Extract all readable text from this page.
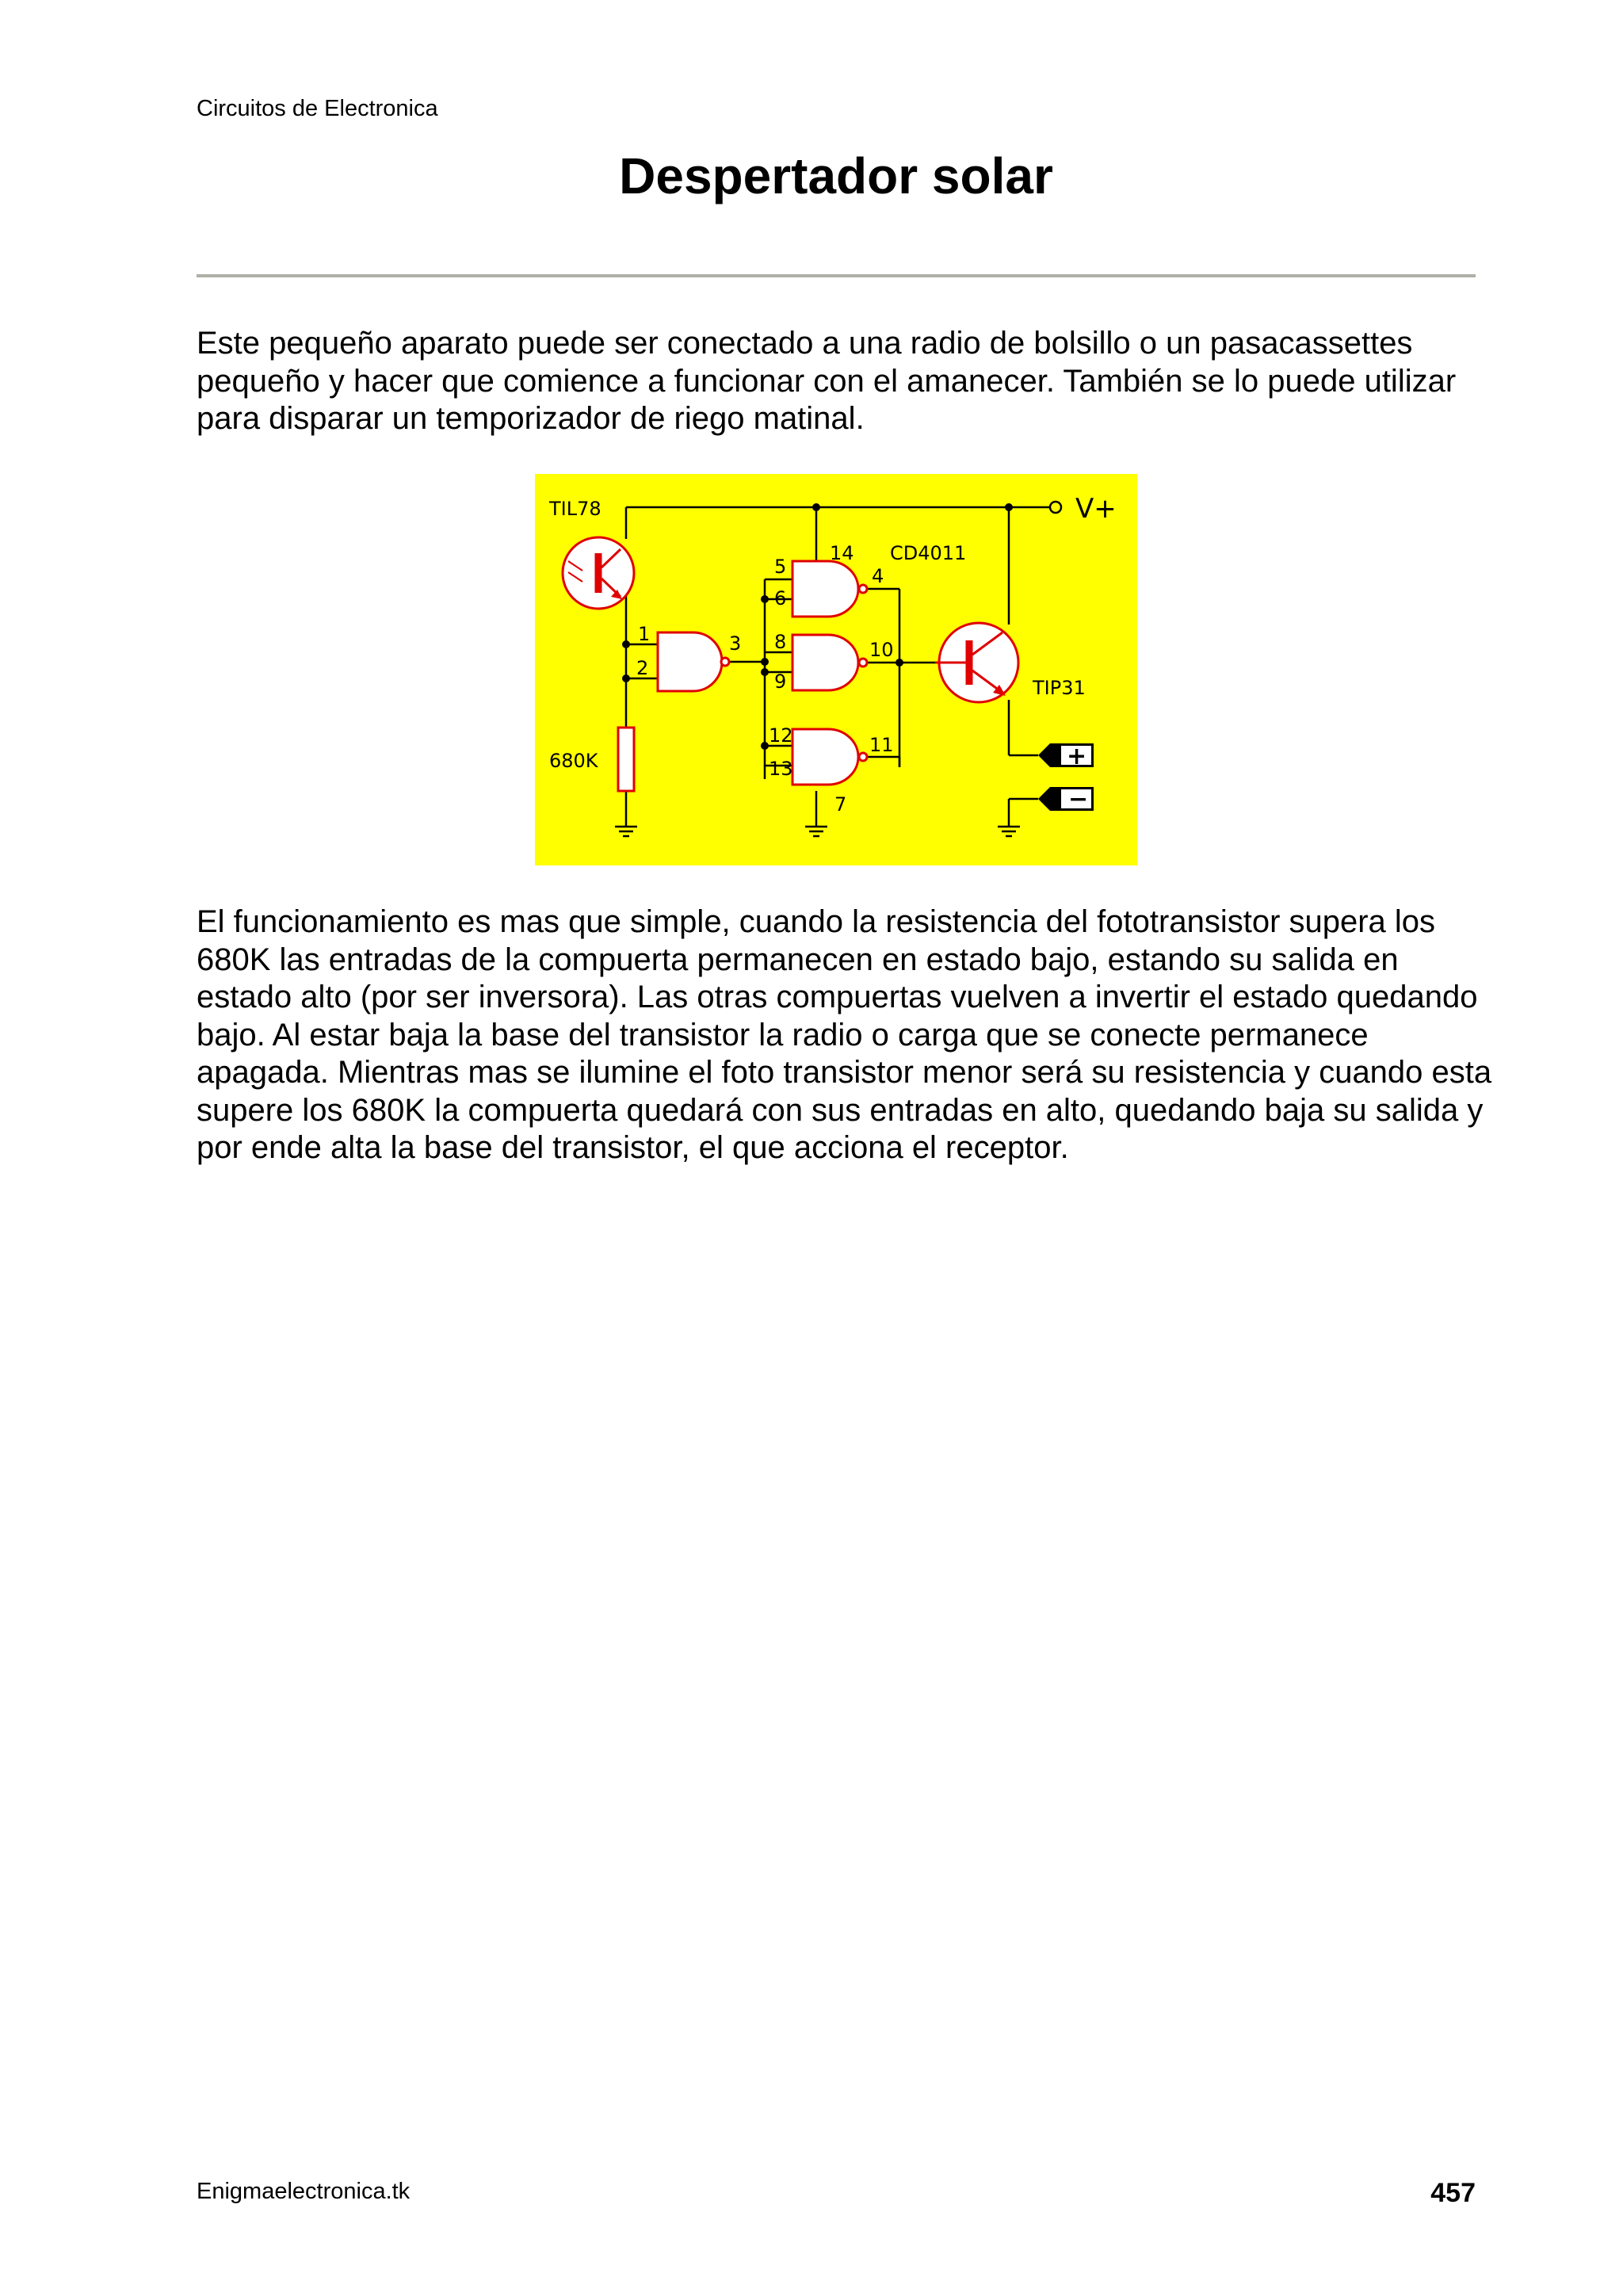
Circuitos de Electronica
Despertador solar

Este pequeño aparato puede ser conectado a una radio de bolsillo o un pasacassettes pequeño y hacer que comience a funcionar con el amanecer. También se lo puede utilizar para disparar un temporizador de riego matinal.

V+
TIL78
680K
CD4011
TIP31
+
−
1
2
3
5
6
14
4
8
9
10
12
13
11
7

El funcionamiento es mas que simple, cuando la resistencia del fototransistor supera los 680K las entradas de la compuerta permanecen en estado bajo, estando su salida en estado alto (por ser inversora). Las otras compuertas vuelven a invertir el estado quedando bajo. Al estar baja la base del transistor la radio o carga que se conecte permanece apagada. Mientras mas se ilumine el foto transistor menor será su resistencia y cuando esta supere los 680K la compuerta quedará con sus entradas en alto, quedando baja su salida y por ende alta la base del transistor, el que acciona el receptor.

Enigmaelectronica.tk	457
